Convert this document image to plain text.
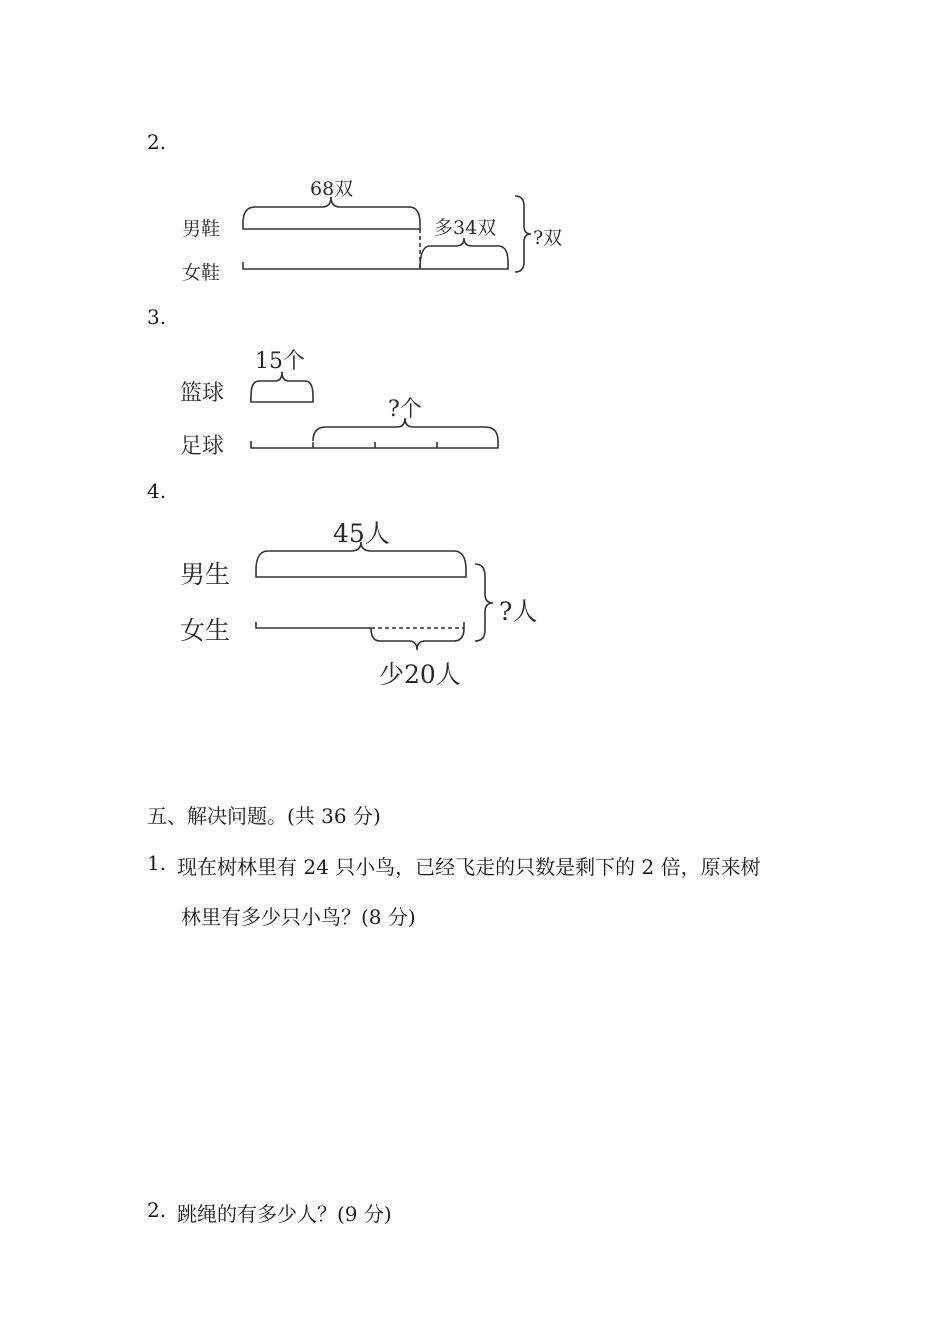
2.
男鞋
女鞋
68双
多34双 ?双
3.
篮球
足球
15个
?个
4.
男生
女生
45人
少20人
?人
五、解决问题。(共 36 分)
1. 现在树林里有 24 只小鸟，已经飞走的只数是剩下的 2 倍，原来树
林里有多少只小鸟？(8 分)
2. 跳绳的有多少人？(9 分)
